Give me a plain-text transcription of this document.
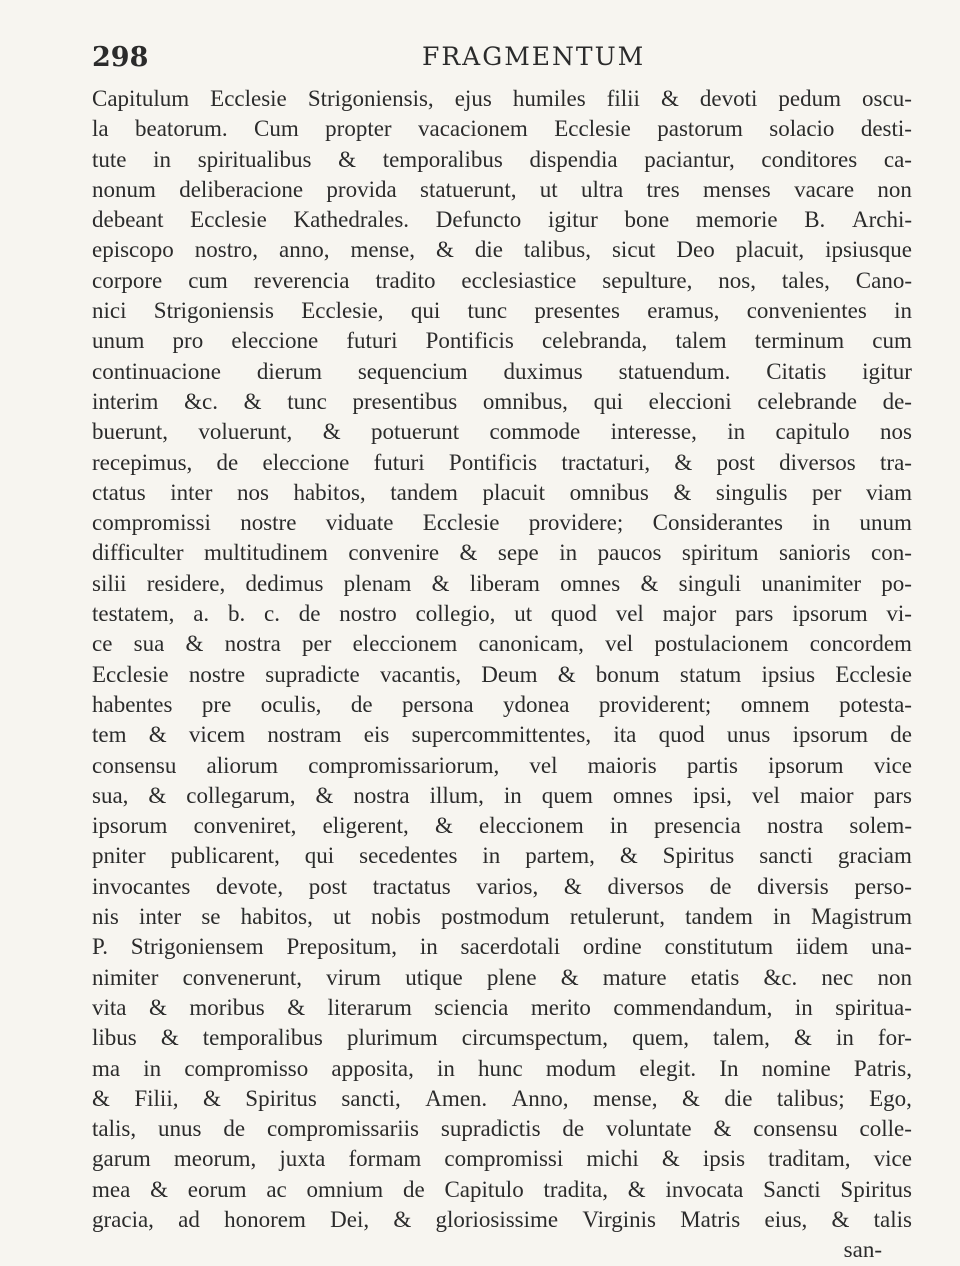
298	FRAGMENTUM
Capitulum Ecclesie Strigoniensis, ejus humiles filii & devoti pedum oscu-
la beatorum. Cum propter vacacionem Ecclesie pastorum solacio desti-
tute in spiritualibus & temporalibus dispendia paciantur, conditores ca-
nonum deliberacione provida statuerunt, ut ultra tres menses vacare non
debeant Ecclesie Kathedrales. Defuncto igitur bone memorie B. Archi-
episcopo nostro, anno, mense, & die talibus, sicut Deo placuit, ipsiusque
corpore cum reverencia tradito ecclesiastice sepulture, nos, tales, Cano-
nici Strigoniensis Ecclesie, qui tunc presentes eramus, convenientes in
unum pro eleccione futuri Pontificis celebranda, talem terminum cum
continuacione dierum sequencium duximus statuendum. Citatis igitur
interim &c. & tunc presentibus omnibus, qui eleccioni celebrande de-
buerunt, voluerunt, & potuerunt commode interesse, in capitulo nos
recepimus, de eleccione futuri Pontificis tractaturi, & post diversos tra-
ctatus inter nos habitos, tandem placuit omnibus & singulis per viam
compromissi nostre viduate Ecclesie providere; Considerantes in unum
difficulter multitudinem convenire & sepe in paucos spiritum sanioris con-
silii residere, dedimus plenam & liberam omnes & singuli unanimiter po-
testatem, a. b. c. de nostro collegio, ut quod vel major pars ipsorum vi-
ce sua & nostra per eleccionem canonicam, vel postulacionem concordem
Ecclesie nostre supradicte vacantis, Deum & bonum statum ipsius Ecclesie
habentes pre oculis, de persona ydonea providerent; omnem potesta-
tem & vicem nostram eis supercommittentes, ita quod unus ipsorum de
consensu aliorum compromissariorum, vel maioris partis ipsorum vice
sua, & collegarum, & nostra illum, in quem omnes ipsi, vel maior pars
ipsorum conveniret, eligerent, & eleccionem in presencia nostra solem-
pniter publicarent, qui secedentes in partem, & Spiritus sancti graciam
invocantes devote, post tractatus varios, & diversos de diversis perso-
nis inter se habitos, ut nobis postmodum retulerunt, tandem in Magistrum
P. Strigoniensem Prepositum, in sacerdotali ordine constitutum iidem una-
nimiter convenerunt, virum utique plene & mature etatis &c. nec non
vita & moribus & literarum sciencia merito commendandum, in spiritua-
libus & temporalibus plurimum circumspectum, quem, talem, & in for-
ma in compromisso apposita, in hunc modum elegit. In nomine Patris,
& Filii, & Spiritus sancti, Amen. Anno, mense, & die talibus; Ego,
talis, unus de compromissariis supradictis de voluntate & consensu colle-
garum meorum, juxta formam compromissi michi & ipsis traditam, vice
mea & eorum ac omnium de Capitulo tradita, & invocata Sancti Spiritus
gracia, ad honorem Dei, & gloriosissime Virginis Matris eius, & talis
san-
